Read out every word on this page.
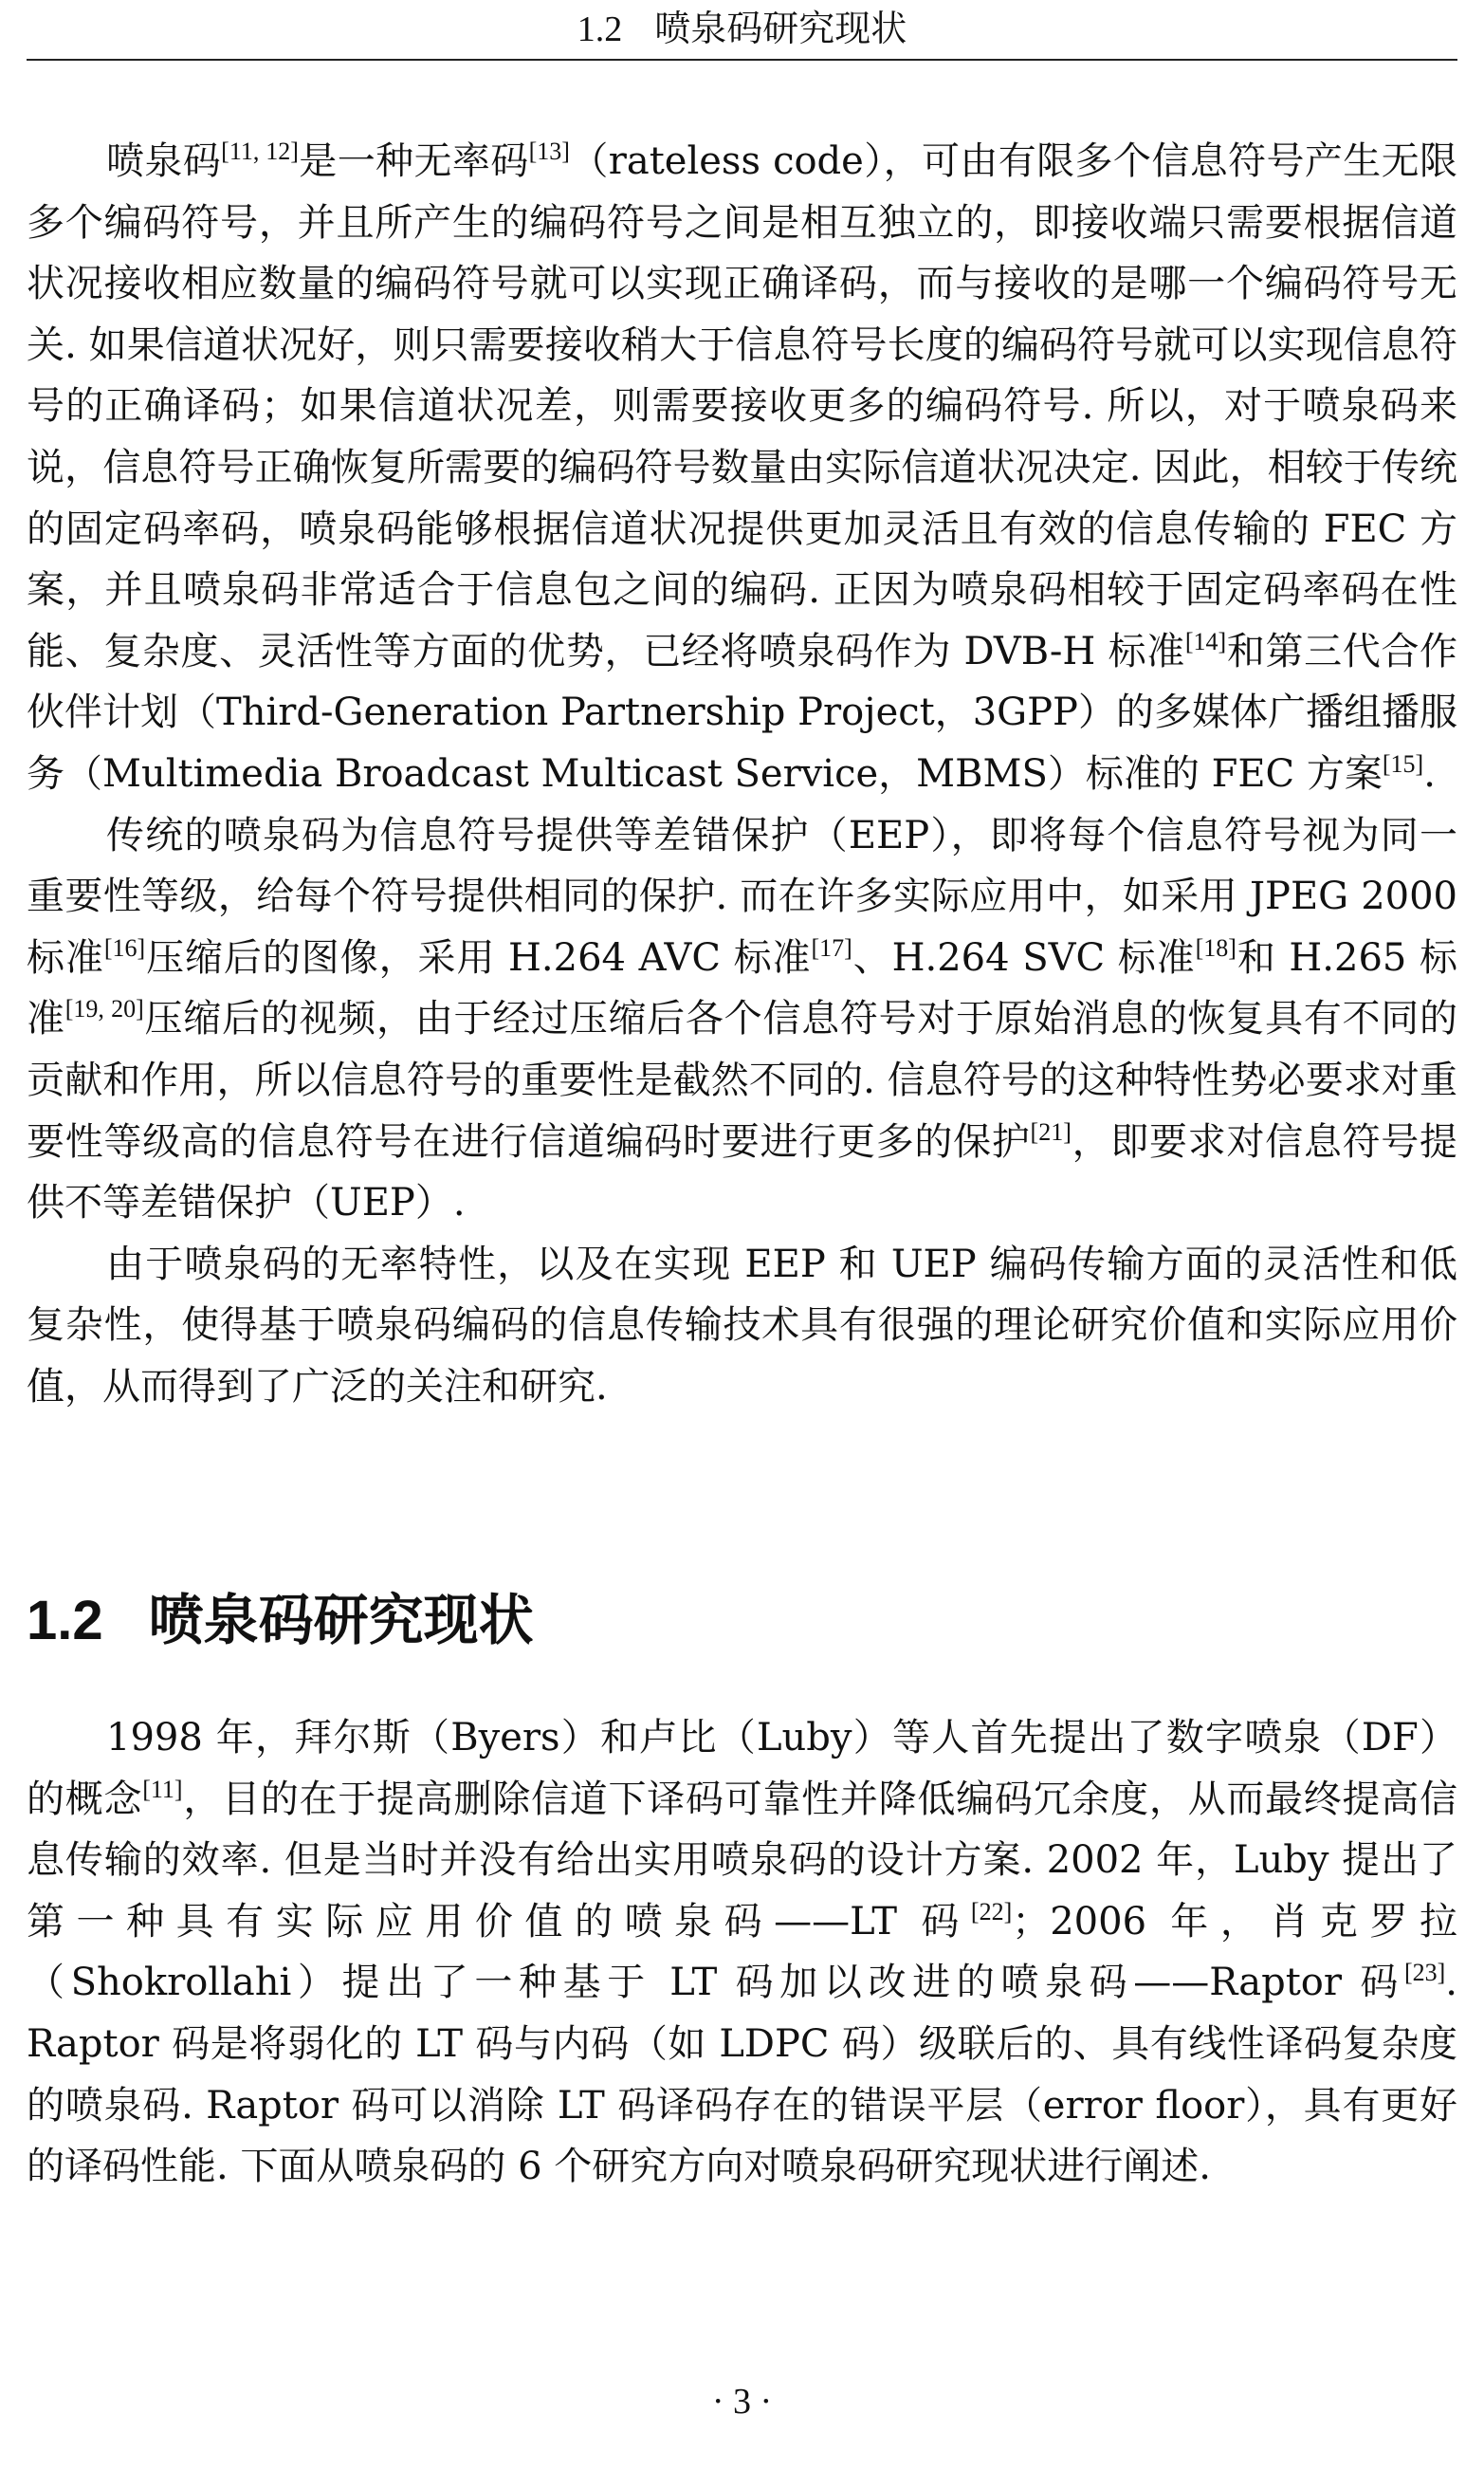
1.2 喷泉码研究现状

喷泉码[11, 12]是一种无率码[13]（rateless code），可由有限多个信息符号产生无限多个编码符号，并且所产生的编码符号之间是相互独立的，即接收端只需要根据信道状况接收相应数量的编码符号就可以实现正确译码，而与接收的是哪一个编码符号无关. 如果信道状况好，则只需要接收稍大于信息符号长度的编码符号就可以实现信息符号的正确译码；如果信道状况差，则需要接收更多的编码符号. 所以，对于喷泉码来说，信息符号正确恢复所需要的编码符号数量由实际信道状况决定. 因此，相较于传统的固定码率码，喷泉码能够根据信道状况提供更加灵活且有效的信息传输的 FEC 方案，并且喷泉码非常适合于信息包之间的编码. 正因为喷泉码相较于固定码率码在性能、复杂度、灵活性等方面的优势，已经将喷泉码作为 DVB-H 标准[14]和第三代合作伙伴计划（Third-Generation Partnership Project，3GPP）的多媒体广播组播服务（Multimedia Broadcast Multicast Service，MBMS）标准的 FEC 方案[15].

传统的喷泉码为信息符号提供等差错保护（EEP），即将每个信息符号视为同一重要性等级，给每个符号提供相同的保护. 而在许多实际应用中，如采用 JPEG 2000 标准[16]压缩后的图像，采用 H.264 AVC 标准[17]、H.264 SVC 标准[18]和 H.265 标准[19, 20]压缩后的视频，由于经过压缩后各个信息符号对于原始消息的恢复具有不同的贡献和作用，所以信息符号的重要性是截然不同的. 信息符号的这种特性势必要求对重要性等级高的信息符号在进行信道编码时要进行更多的保护[21]，即要求对信息符号提供不等差错保护（UEP）.

由于喷泉码的无率特性，以及在实现 EEP 和 UEP 编码传输方面的灵活性和低复杂性，使得基于喷泉码编码的信息传输技术具有很强的理论研究价值和实际应用价值，从而得到了广泛的关注和研究.

1.2 喷泉码研究现状

1998 年，拜尔斯（Byers）和卢比（Luby）等人首先提出了数字喷泉（DF）的概念[11]，目的在于提高删除信道下译码可靠性并降低编码冗余度，从而最终提高信息传输的效率. 但是当时并没有给出实用喷泉码的设计方案. 2002 年，Luby 提出了第一种具有实际应用价值的喷泉码——LT 码[22]；2006 年，肖克罗拉（Shokrollahi）提出了一种基于 LT 码加以改进的喷泉码——Raptor 码[23]. Raptor 码是将弱化的 LT 码与内码（如 LDPC 码）级联后的、具有线性译码复杂度的喷泉码. Raptor 码可以消除 LT 码译码存在的错误平层（error floor），具有更好的译码性能. 下面从喷泉码的 6 个研究方向对喷泉码研究现状进行阐述.

· 3 ·
